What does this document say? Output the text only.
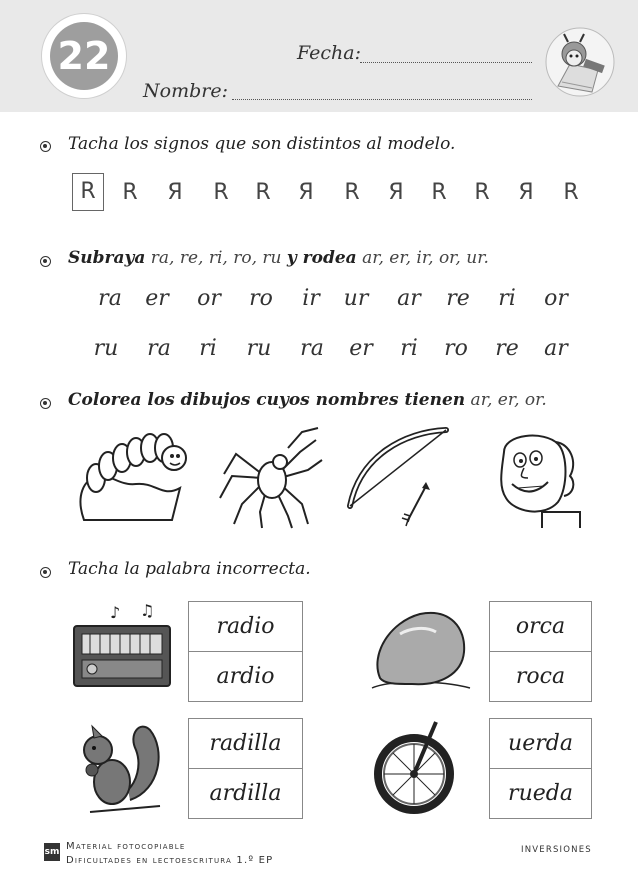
22	Fecha:
Nombre:
Tacha los signos que son distintos al modelo.
R	R	Я	R	R	Я	R	Я	R	R	Я	R
Subraya ra, re, ri, ro, ru y rodea ar, er, ir, or, ur.
ra	er	or	ro	ir	ur	ar	re	ri	or
ru	ra	ri	ru	ra	er	ri	ro	re	ar
Colorea los dibujos cuyos nombres tienen ar, er, or.
Tacha la palabra incorrecta.
♪ ♫
radio
ardio
orca
roca
radilla
ardilla
uerda
rueda
sm Material fotocopiable
Dificultades en lectoescritura 1.º EP
INVERSIONES
